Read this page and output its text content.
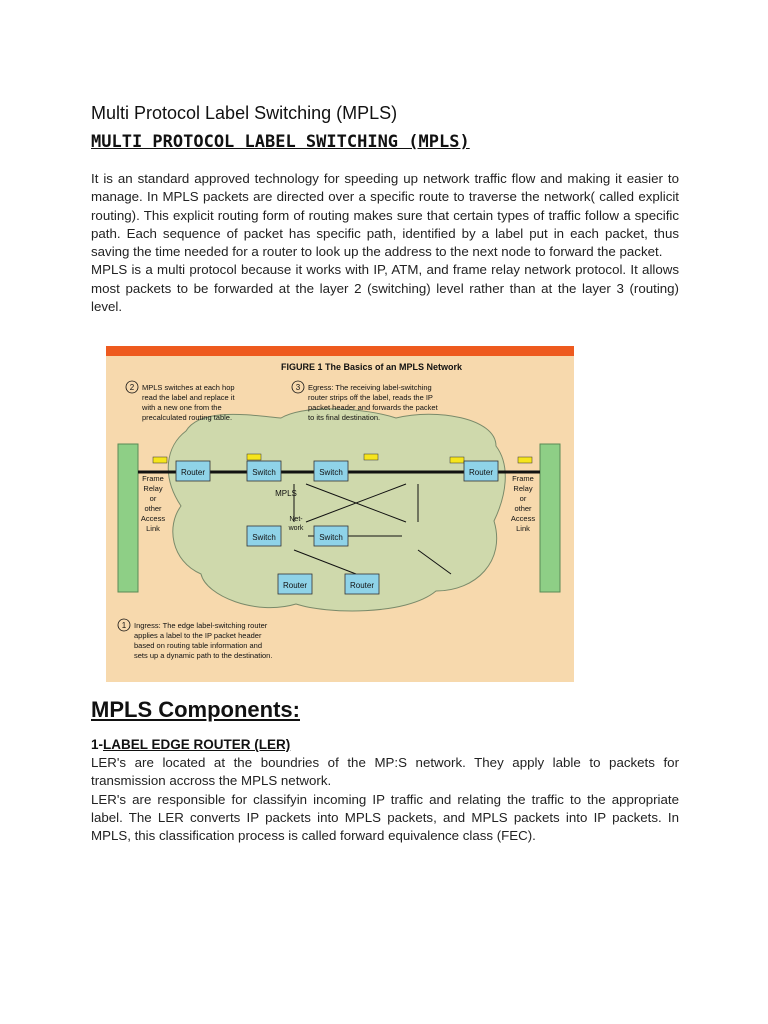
Multi Protocol Label Switching (MPLS)
MULTI PROTOCOL LABEL SWITCHING (MPLS)

It is an standard approved technology for speeding up network traffic flow and making it easier to manage. In MPLS packets are directed over a specific route to traverse the network( called explicit routing). This explicit routing form of routing makes sure that certain types of traffic follow a specific path. Each sequence of packet has specific path, identified by a label put in each packet, thus saving the time needed for a router to look up the address to the next node to forward the packet.

MPLS is a multi protocol because it works with IP, ATM, and frame relay network protocol. It allows most packets to be forwarded at the layer 2 (switching) level rather than at the layer 3 (routing) level.

FIGURE 1 The Basics of an MPLS Network
Router	Switch	Switch	Router
Switch	Switch
Router	Router
MPLS
Net-
work
Frame
Relay
or
other
Access
Link
Frame
Relay
or
other
Access
Link
2 MPLS switches at each hop
read the label and replace it
with a new one from the
precalculated routing table.
3 Egress: The receiving label-switching
router strips off the label, reads the IP
packet header and forwards the packet
to its final destination.
1 Ingress: The edge label-switching router
applies a label to the IP packet header
based on routing table information and
sets up a dynamic path to the destination.
MPLS Components:
1-LABEL EDGE ROUTER (LER)

LER's are located at the boundries of the MP:S network. They apply lable to packets for transmission accross the MPLS network.

LER's are responsible for classifyin incoming IP traffic and relating the traffic to the appropriate label. The LER converts IP packets into MPLS packets, and MPLS packets into IP packets. In MPLS, this classification process is called forward equivalence class (FEC).
